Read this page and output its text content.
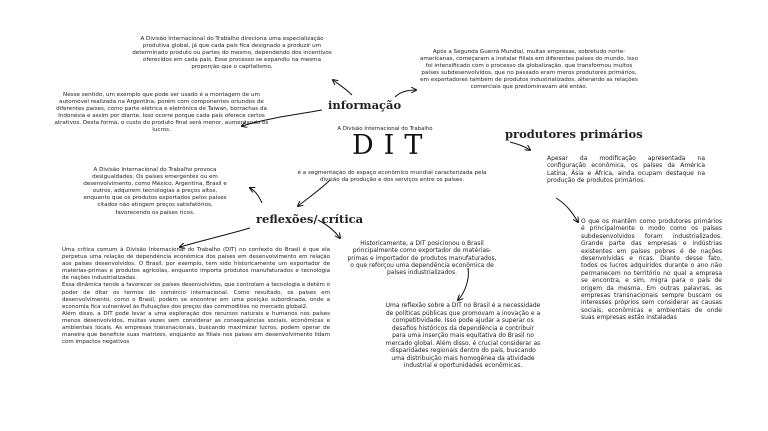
A Divisão Internacional do Trabalho
DIT
é a segmentação do espaço econômico mundial caracterizada pela divisão da produção e dos serviços entre os países.
informação
produtores primários
reflexões/ crítica
A Divisão Internacional do Trabalho direciona uma especialização produtiva global, já que cada país fica designado a produzir um determinado produto ou partes do mesmo, dependendo dos incentivos oferecidos em cada país. Esse processo se expandiu na mesma proporção que o capitalismo.
Nesse sentido, um exemplo que pode ser usado é a montagem de um automóvel realizada na Argentina, porém com componentes oriundos de diferentes países, como parte elétrica e eletrônica de Taiwan, borrachas da Indonésia e assim por diante. Isso ocorre porque cada país oferece certos atrativos. Desta forma, o custo do produto final será menor, aumentando os lucros.
Após a Segunda Guerra Mundial, muitas empresas, sobretudo norte-americanas, começaram a instalar filiais em diferentes países do mundo. Isso foi intensificado com o processo da globalização, que transformou muitos países subdesenvolvidos, que no passado eram meros produtores primários, em exportadores também de produtos industrializados, alterando as relações comerciais que predominavam até então.
Apesar da modificação apresentada na configuração econômica, os países da América Latina, Ásia e África, ainda ocupam destaque na produção de produtos primários.
O que os mantêm como produtores primários é principalmente o modo como os países subdesenvolvidos foram industrializados. Grande parte das empresas e indústrias existentes em países pobres é de nações desenvolvidas e ricas. Diante desse fato, todos os lucros adquiridos durante o ano não permanecem no território no qual a empresa se encontra, e sim, migra para o país de origem da mesma. Em outras palavras, as empresas transnacionais sempre buscam os interesses próprios sem considerar as causas sociais, econômicas e ambientais de onde suas empresas estão instaladas
A Divisão Internacional do Trabalho provoca desigualdades. Os países emergentes ou em desenvolvimento, como México, Argentina, Brasil e outros, adquirem tecnologias a preços altos, enquanto que os produtos exportados pelos países citados não atingem preços satisfatórios, favorecendo os países ricos.
Uma crítica comum à Divisão Internacional do Trabalho (DIT) no contexto do Brasil é que ela perpetua uma relação de dependência econômica dos países em desenvolvimento em relação aos países desenvolvidos. O Brasil, por exemplo, tem sido historicamente um exportador de matérias-primas e produtos agrícolas, enquanto importa produtos manufaturados e tecnologia de nações industrializadas.
Essa dinâmica tende a favorecer os países desenvolvidos, que controlam a tecnologia e detêm o poder de ditar os termos do comércio internacional. Como resultado, os países em desenvolvimento, como o Brasil, podem se encontrar em uma posição subordinada, onde a economia fica vulnerável às flutuações dos preços das commodities no mercado global2.
Além disso, a DIT pode levar a uma exploração dos recursos naturais e humanos nos países menos desenvolvidos, muitas vezes sem considerar as consequências sociais, econômicas e ambientais locais. As empresas transnacionais, buscando maximizar lucros, podem operar de maneira que beneficie suas matrizes, enquanto as filiais nos países em desenvolvimento lidam com impactos negativos
Historicamente, a DIT posicionou o Brasil principalmente como exportador de matérias-primas e importador de produtos manufaturados, o que reforçou uma dependência econômica de países industrializados.
Uma reflexão sobre a DIT no Brasil é a necessidade de políticas públicas que promovam a inovação e a competitividade. Isso pode ajudar a superar os desafios históricos da dependência e contribuir para uma inserção mais equitativa do Brasil no mercado global. Além disso, é crucial considerar as disparidades regionais dentro do país, buscando uma distribuição mais homogênea da atividade industrial e oportunidades econômicas.
